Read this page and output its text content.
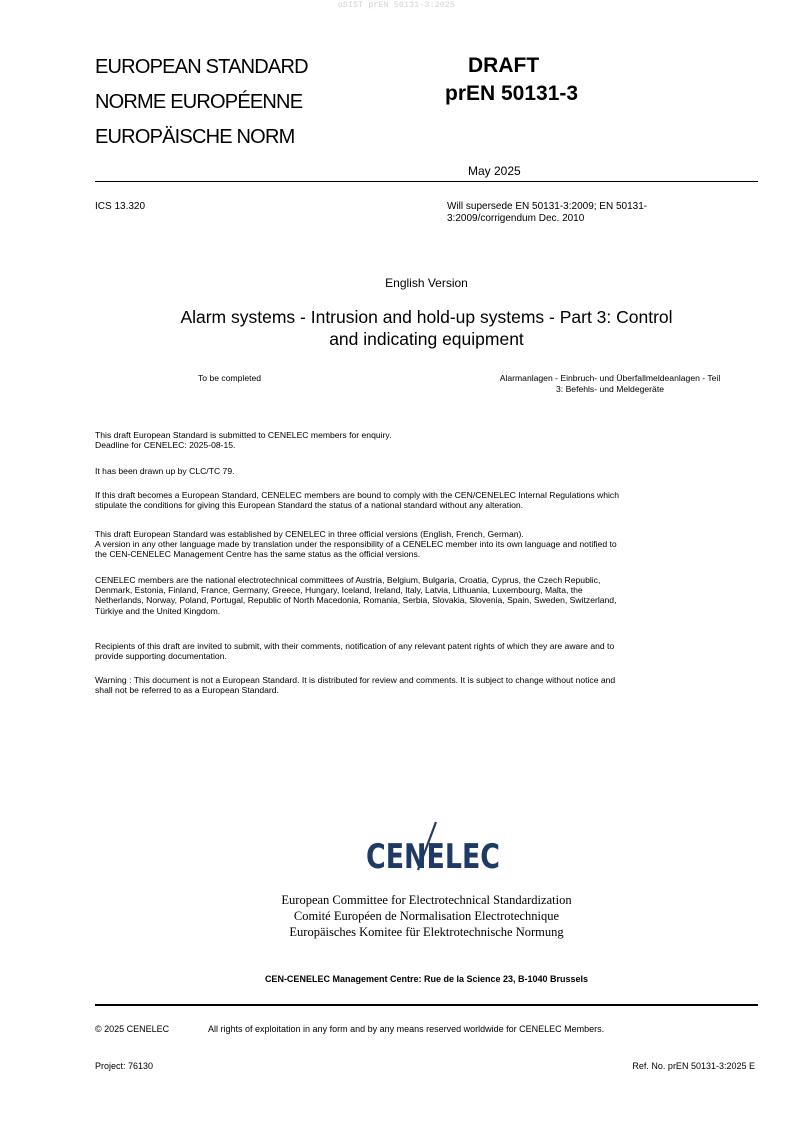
oSIST prEN 50131-3:2025
EUROPEAN STANDARD
NORME EUROPÉENNE
EUROPÄISCHE NORM
DRAFT
prEN 50131-3
May 2025
ICS 13.320	Will supersede EN 50131-3:2009; EN 50131-
3:2009/corrigendum Dec. 2010
English Version
Alarm systems - Intrusion and hold-up systems - Part 3: Control
and indicating equipment
To be completed	Alarmanlagen - Einbruch- und Überfallmeldeanlagen - Teil
3: Befehls- und Meldegeräte
This draft European Standard is submitted to CENELEC members for enquiry.
Deadline for CENELEC: 2025-08-15.
It has been drawn up by CLC/TC 79.
If this draft becomes a European Standard, CENELEC members are bound to comply with the CEN/CENELEC Internal Regulations which
stipulate the conditions for giving this European Standard the status of a national standard without any alteration.
This draft European Standard was established by CENELEC in three official versions (English, French, German).
A version in any other language made by translation under the responsibility of a CENELEC member into its own language and notified to
the CEN-CENELEC Management Centre has the same status as the official versions.
CENELEC members are the national electrotechnical committees of Austria, Belgium, Bulgaria, Croatia, Cyprus, the Czech Republic,
Denmark, Estonia, Finland, France, Germany, Greece, Hungary, Iceland, Ireland, Italy, Latvia, Lithuania, Luxembourg, Malta, the
Netherlands, Norway, Poland, Portugal, Republic of North Macedonia, Romania, Serbia, Slovakia, Slovenia, Spain, Sweden, Switzerland,
Türkiye and the United Kingdom.
Recipients of this draft are invited to submit, with their comments, notification of any relevant patent rights of which they are aware and to
provide supporting documentation.
Warning : This document is not a European Standard. It is distributed for review and comments. It is subject to change without notice and
shall not be referred to as a European Standard.
CENELEC
European Committee for Electrotechnical Standardization
Comité Européen de Normalisation Electrotechnique
Europäisches Komitee für Elektrotechnische Normung
CEN-CENELEC Management Centre: Rue de la Science 23, B-1040 Brussels
© 2025 CENELEC	All rights of exploitation in any form and by any means reserved worldwide for CENELEC Members.
Project: 76130	Ref. No. prEN 50131-3:2025 E
